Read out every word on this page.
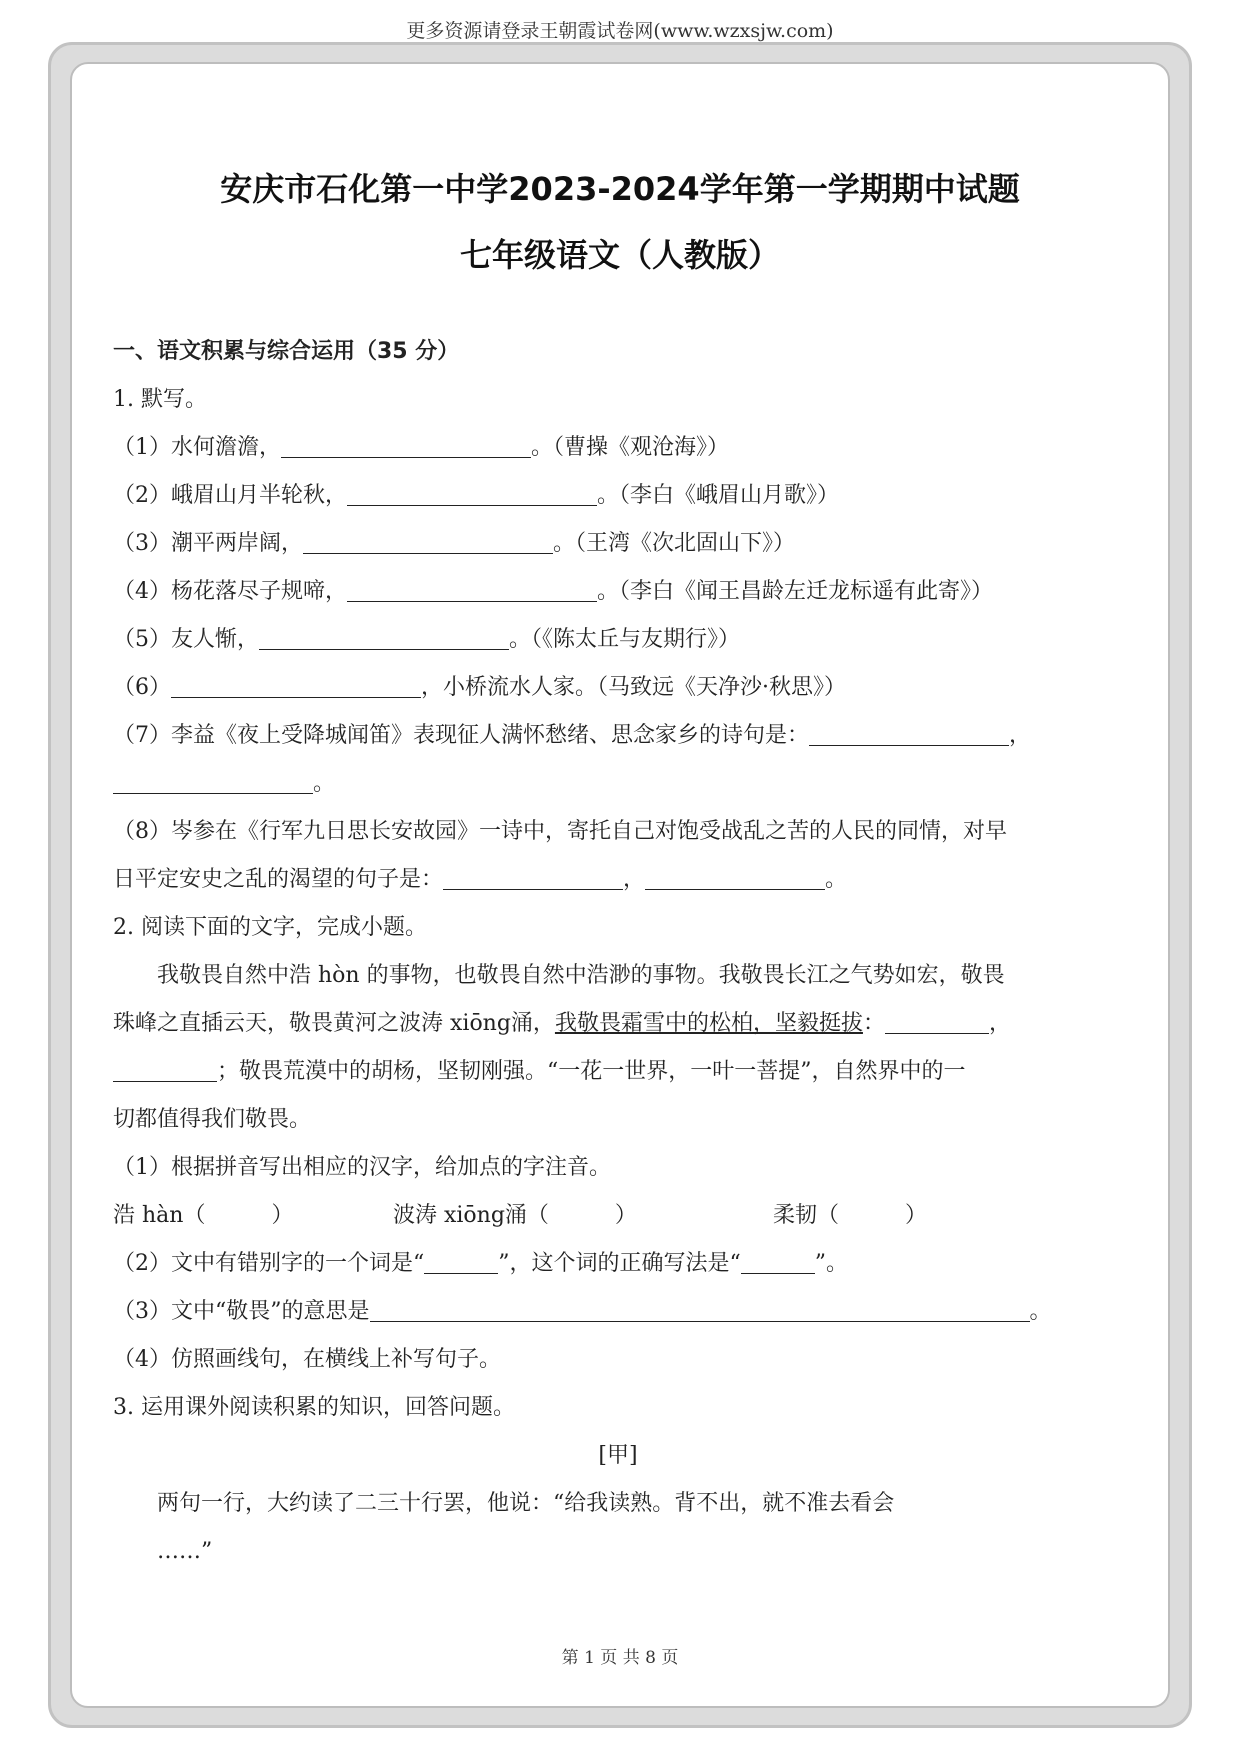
更多资源请登录王朝霞试卷网(www.wzxsjw.com)
安庆市石化第一中学2023-2024学年第一学期期中试题
七年级语文（人教版）
一、语文积累与综合运用（35 分）
1. 默写。
（1）水何澹澹，	。（曹操《观沧海》）
（2）峨眉山月半轮秋，	。（李白《峨眉山月歌》）
（3）潮平两岸阔，	。（王湾《次北固山下》）
（4）杨花落尽子规啼，	。（李白《闻王昌龄左迁龙标遥有此寄》）
（5）友人惭，	。（《陈太丘与友期行》）
（6）	，小桥流水人家。（马致远《天净沙·秋思》）
（7）李益《夜上受降城闻笛》表现征人满怀愁绪、思念家乡的诗句是：	，
。
（8）岑参在《行军九日思长安故园》一诗中，寄托自己对饱受战乱之苦的人民的同情，对早
日平定安史之乱的渴望的句子是：	，	。
2. 阅读下面的文字，完成小题。
我敬畏自然中浩 hòn 的事物，也敬畏自然中浩渺的事物。我敬畏长江之气势如宏，敬畏
珠峰之直插云天，敬畏黄河之波涛 xiōng涌，我敬畏霜雪中的松柏，坚毅挺拔：	，
；敬畏荒漠中的胡杨，坚韧刚强。“一花一世界，一叶一菩提”，自然界中的一
切都值得我们敬畏。
（1）根据拼音写出相应的汉字，给加点的字注音。
浩 hàn（　　　）	波涛 xiōng涌（　　　）	柔韧（　　　）
（2）文中有错别字的一个词是“	”，这个词的正确写法是“	”。
（3）文中“敬畏”的意思是	。
（4）仿照画线句，在横线上补写句子。
3. 运用课外阅读积累的知识，回答问题。
[甲]
两句一行，大约读了二三十行罢，他说：“给我读熟。背不出，就不准去看会
……”
第 1 页 共 8 页
